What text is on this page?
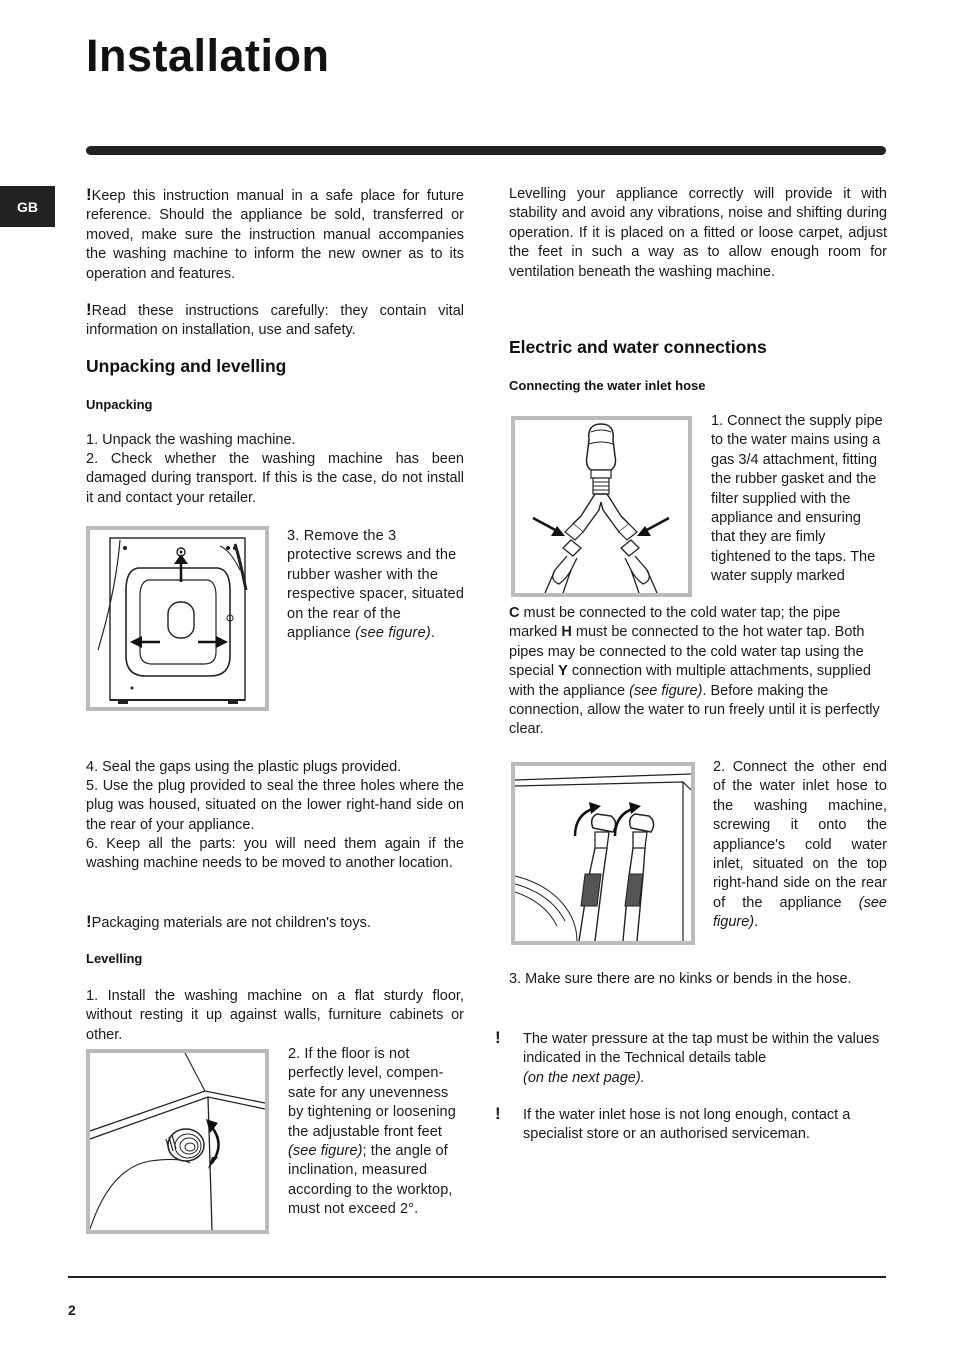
Installation
GB

!Keep this instruction manual in a safe place for future reference. Should the appliance be sold, transferred or moved, make sure the instruction manual accompanies the washing machine to inform the new owner as to its operation and features.

!Read these instructions carefully: they contain vital information on installation, use and safety.

Unpacking and levelling
Unpacking

1. Unpack the washing machine.

2. Check whether the washing machine has been damaged during transport. If this is the case, do not install it and contact your retailer.

3. Remove the 3 protective screws and the rubber washer with the respective spacer, situated on the rear of the appliance (see figure).

4. Seal the gaps using the plastic plugs provided.

5. Use the plug provided to seal the three holes where the plug was housed, situated on the lower right-hand side on the rear of your appliance.

6. Keep all the parts: you will need them again if the washing machine needs to be moved to another location.

!Packaging materials are not children's toys.

Levelling

1. Install the washing machine on a flat sturdy floor, without resting it up against walls, furniture cabinets or other.

2. If the floor is not perfectly level, compen-sate for any unevenness by tightening or loosening the adjustable front feet (see figure); the angle of inclination, measured according to the worktop, must not exceed 2°.

Levelling your appliance correctly will provide it with stability and avoid any vibrations, noise and shifting during operation. If it is placed on a fitted or loose carpet, adjust the feet in such a way as to allow enough room for ventilation beneath the washing machine.

Electric and water connections
Connecting the water inlet hose

1. Connect the supply pipe to the water mains using a gas 3/4 attachment, fitting the rubber gasket and the filter supplied with the appliance and ensuring that they are fimly tightened to the taps. The water supply marked

C must be connected to the cold water tap; the pipe marked H must be connected to the hot water tap. Both pipes may be connected to the cold water tap using the special Y connection with multiple attachments, supplied with the appliance (see figure). Before making the connection, allow the water to run freely until it is perfectly clear.

2. Connect the other end of the water inlet hose to the washing machine, screwing it onto the appliance's cold water inlet, situated on the top right-hand side on the rear of the appliance (see figure).

3. Make sure there are no kinks or bends in the hose.

! The water pressure at the tap must be within the values indicated in the Technical details table
(on the next page).

! If the water inlet hose is not long enough, contact a specialist store or an authorised serviceman.

2
